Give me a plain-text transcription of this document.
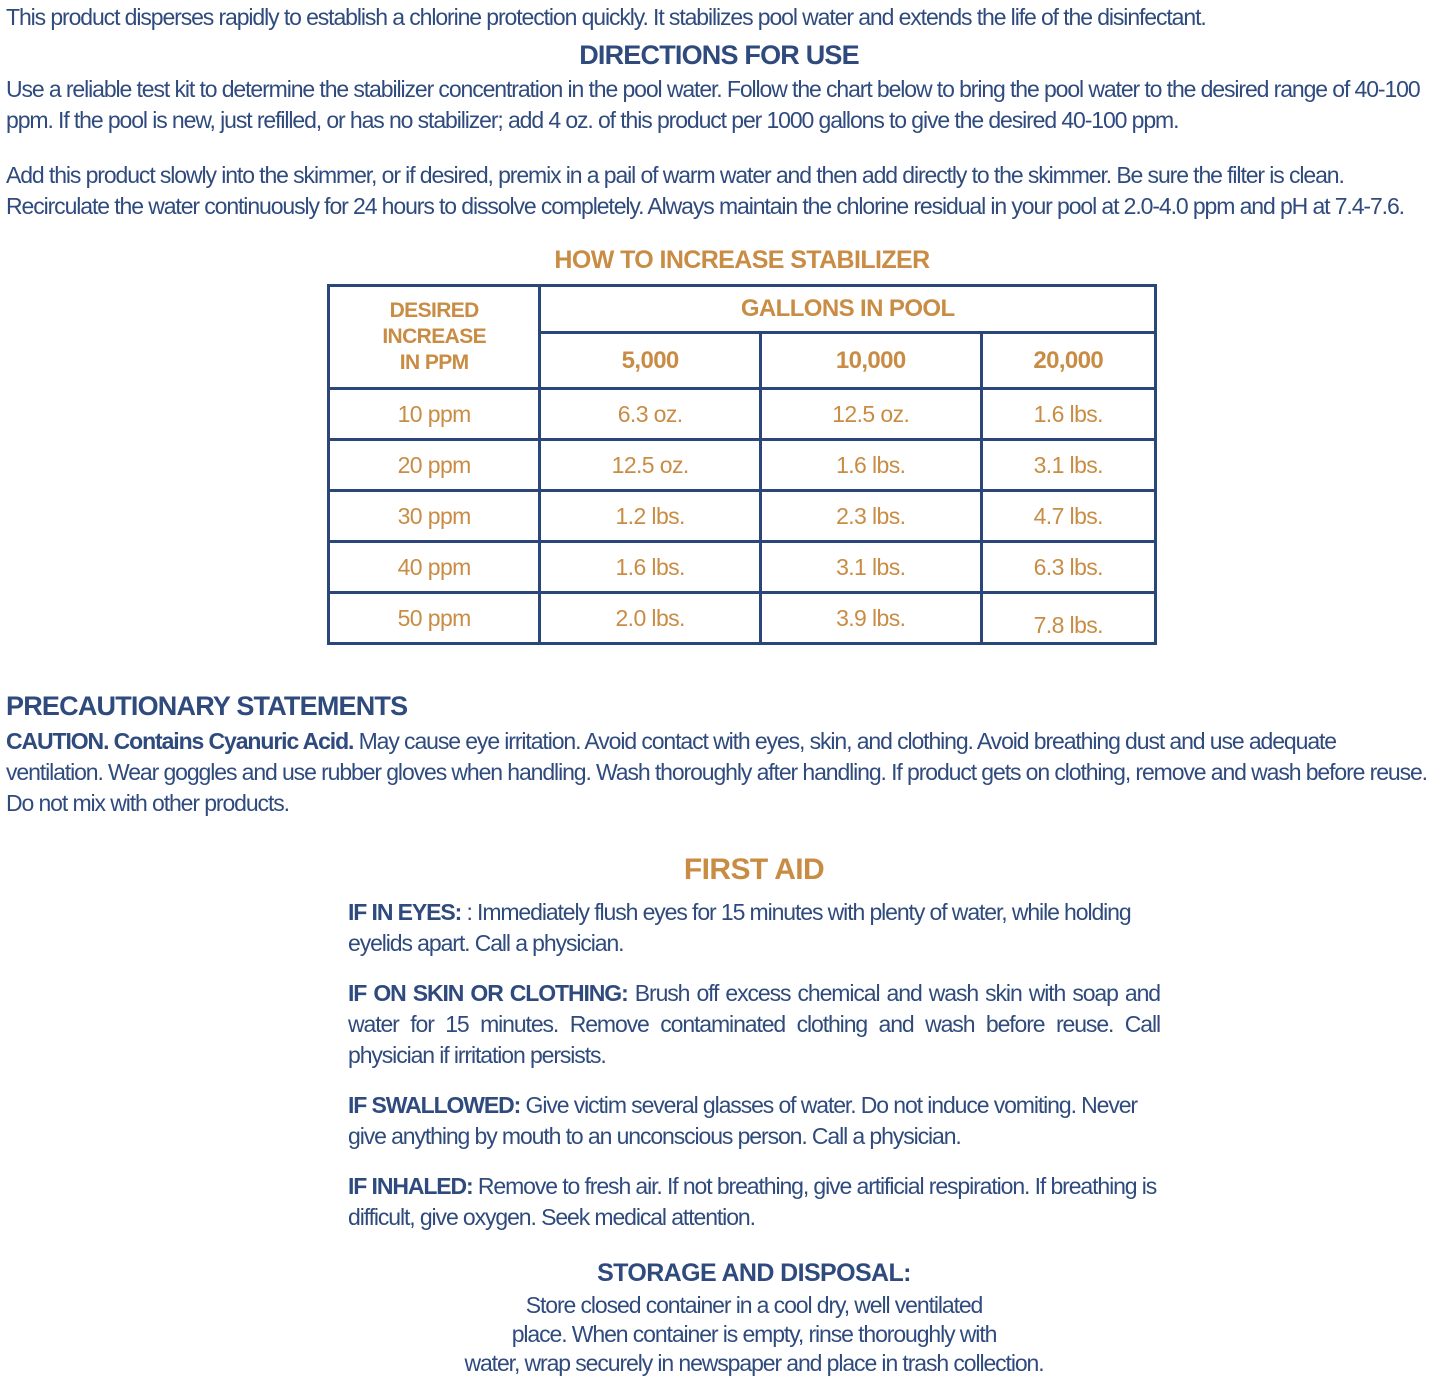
This product disperses rapidly to establish a chlorine protection quickly. It stabilizes pool water and extends the life of the disinfectant.

DIRECTIONS FOR USE

Use a reliable test kit to determine the stabilizer concentration in the pool water. Follow the chart below to bring the pool water to the desired range of 40-100 ppm. If the pool is new, just refilled, or has no stabilizer; add 4 oz. of this product per 1000 gallons to give the desired 40-100 ppm.

Add this product slowly into the skimmer, or if desired, premix in a pail of warm water and then add directly to the skimmer. Be sure the filter is clean. Recirculate the water continuously for 24 hours to dissolve completely. Always maintain the chlorine residual in your pool at 2.0-4.0 ppm and pH at 7.4-7.6.

HOW TO INCREASE STABILIZER
DESIRED INCREASE IN PPM	GALLONS IN POOL		
	5,000	10,000	20,000
10 ppm	6.3 oz.	12.5 oz.	1.6 lbs.
20 ppm	12.5 oz.	1.6 lbs.	3.1 lbs.
30 ppm	1.2 lbs.	2.3 lbs.	4.7 lbs.
40 ppm	1.6 lbs.	3.1 lbs.	6.3 lbs.
50 ppm	2.0 lbs.	3.9 lbs.	7.8 lbs.
PRECAUTIONARY STATEMENTS

CAUTION. Contains Cyanuric Acid. May cause eye irritation. Avoid contact with eyes, skin, and clothing. Avoid breathing dust and use adequate ventilation. Wear goggles and use rubber gloves when handling. Wash thoroughly after handling. If product gets on clothing, remove and wash before reuse. Do not mix with other products.

FIRST AID

IF IN EYES: : Immediately flush eyes for 15 minutes with plenty of water, while holding eyelids apart. Call a physician.

IF ON SKIN OR CLOTHING: Brush off excess chemical and wash skin with soap and water for 15 minutes. Remove contaminated clothing and wash before reuse. Call physician if irritation persists.

IF SWALLOWED: Give victim several glasses of water. Do not induce vomiting. Never give anything by mouth to an unconscious person. Call a physician.

IF INHALED: Remove to fresh air. If not breathing, give artificial respiration. If breathing is difficult, give oxygen. Seek medical attention.

STORAGE AND DISPOSAL:
Store closed container in a cool dry, well ventilated
place. When container is empty, rinse thoroughly with
water, wrap securely in newspaper and place in trash collection.
